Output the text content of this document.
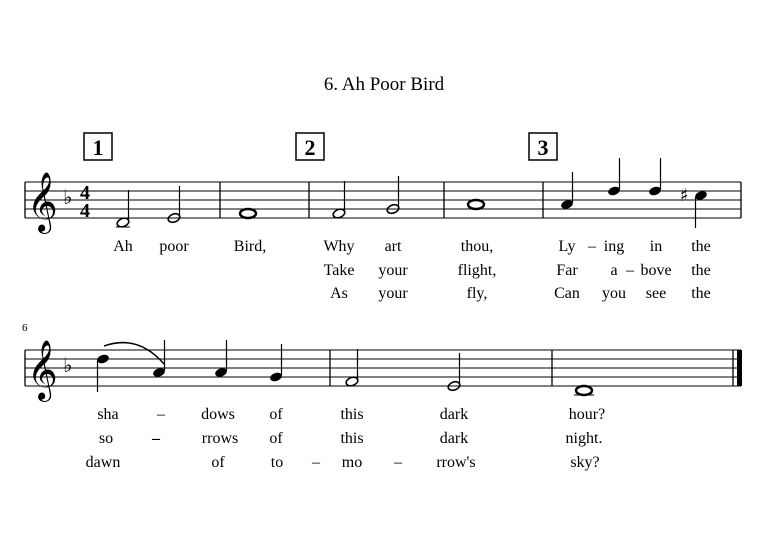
6. Ah Poor Bird
𝄞 ♭ 4
4
1	2	3
♯
Ah poor	Bird,	Why art	thou,	Ly – ing in the
Take your	flight,	Far a – bove the
As your	fly,	Can you see the
6
𝄞 ♭
sha – dows of	this	dark	hour?
so –	rrows of	this	dark	night.
dawn	of	to – mo – rrow's	sky?
